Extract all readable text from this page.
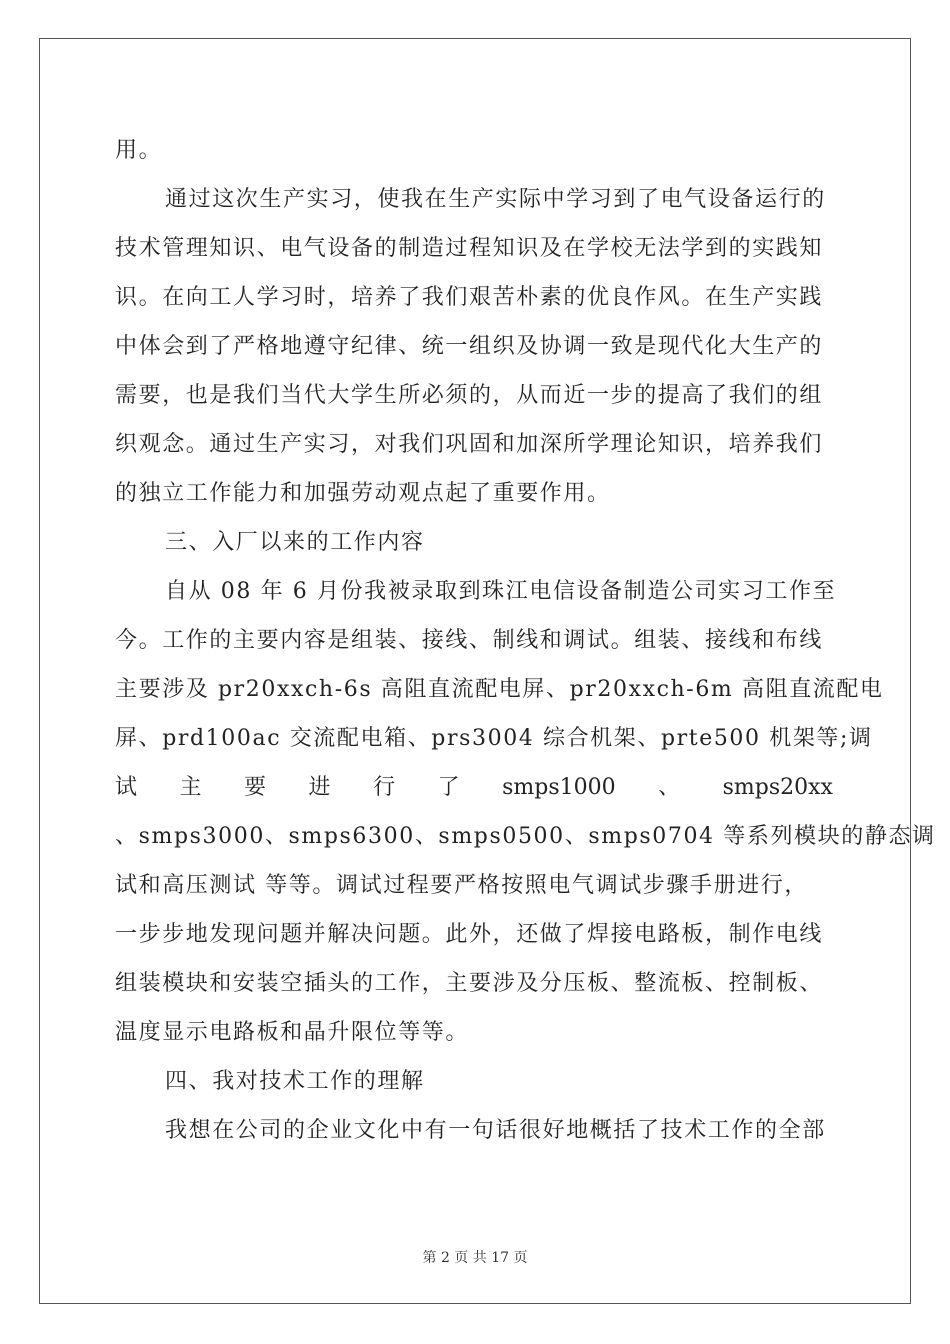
用。
通过这次生产实习，使我在生产实际中学习到了电气设备运行的
技术管理知识、电气设备的制造过程知识及在学校无法学到的实践知
识。在向工人学习时，培养了我们艰苦朴素的优良作风。在生产实践
中体会到了严格地遵守纪律、统一组织及协调一致是现代化大生产的
需要，也是我们当代大学生所必须的，从而近一步的提高了我们的组
织观念。通过生产实习，对我们巩固和加深所学理论知识，培养我们
的独立工作能力和加强劳动观点起了重要作用。
三、入厂以来的工作内容
自从 08 年 6 月份我被录取到珠江电信设备制造公司实习工作至
今。工作的主要内容是组装、接线、制线和调试。组装、接线和布线
主要涉及 pr20xxch-6s 高阻直流配电屏、pr20xxch-6m 高阻直流配电
屏、prd100ac 交流配电箱、prs3004 综合机架、prte500 机架等;调
试 主 要 进 行 了 smps1000 、 smps20xx
、smps3000、smps6300、smps0500、smps0704 等系列模块的静态调
试和高压测试 等等。调试过程要严格按照电气调试步骤手册进行，
一步步地发现问题并解决问题。此外，还做了焊接电路板，制作电线
组装模块和安装空插头的工作，主要涉及分压板、整流板、控制板、
温度显示电路板和晶升限位等等。
四、我对技术工作的理解
我想在公司的企业文化中有一句话很好地概括了技术工作的全部
第 2 页 共 17 页
